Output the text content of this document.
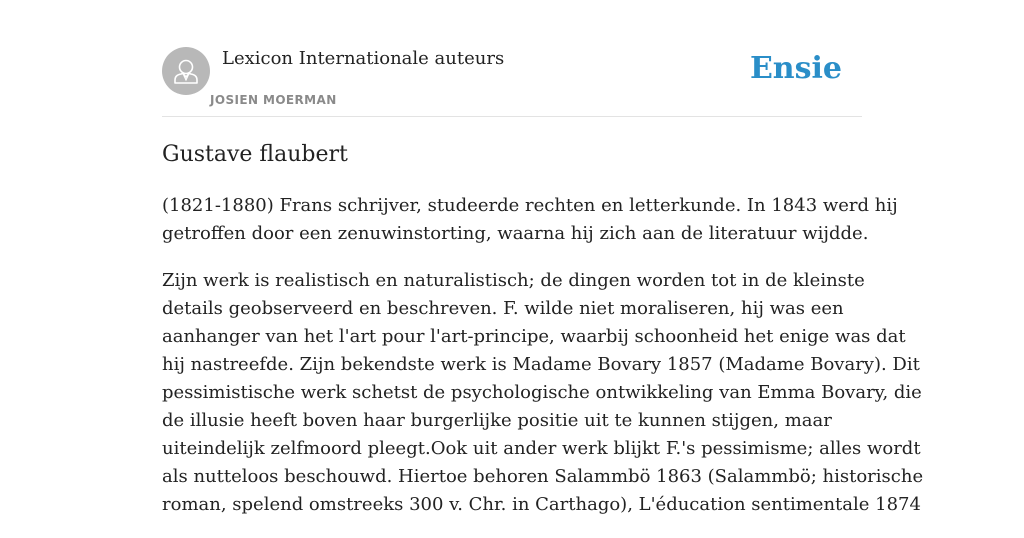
Lexicon Internationale auteurs
JOSIEN MOERMAN
Ensie
Gustave flaubert

(1821-1880) Frans schrijver, studeerde rechten en letterkunde. In 1843 werd hij
getroffen door een zenuwinstorting, waarna hij zich aan de literatuur wijdde.

Zijn werk is realistisch en naturalistisch; de dingen worden tot in de kleinste
details geobserveerd en beschreven. F. wilde niet moraliseren, hij was een
aanhanger van het l'art pour l'art-principe, waarbij schoonheid het enige was dat
hij nastreefde. Zijn bekendste werk is Madame Bovary 1857 (Madame Bovary). Dit
pessimistische werk schetst de psychologische ontwikkeling van Emma Bovary, die
de illusie heeft boven haar burgerlijke positie uit te kunnen stijgen, maar
uiteindelijk zelfmoord pleegt.Ook uit ander werk blijkt F.'s pessimisme; alles wordt
als nutteloos beschouwd. Hiertoe behoren Salammbö 1863 (Salammbö; historische
roman, spelend omstreeks 300 v. Chr. in Carthago), L'éducation sentimentale 1874
